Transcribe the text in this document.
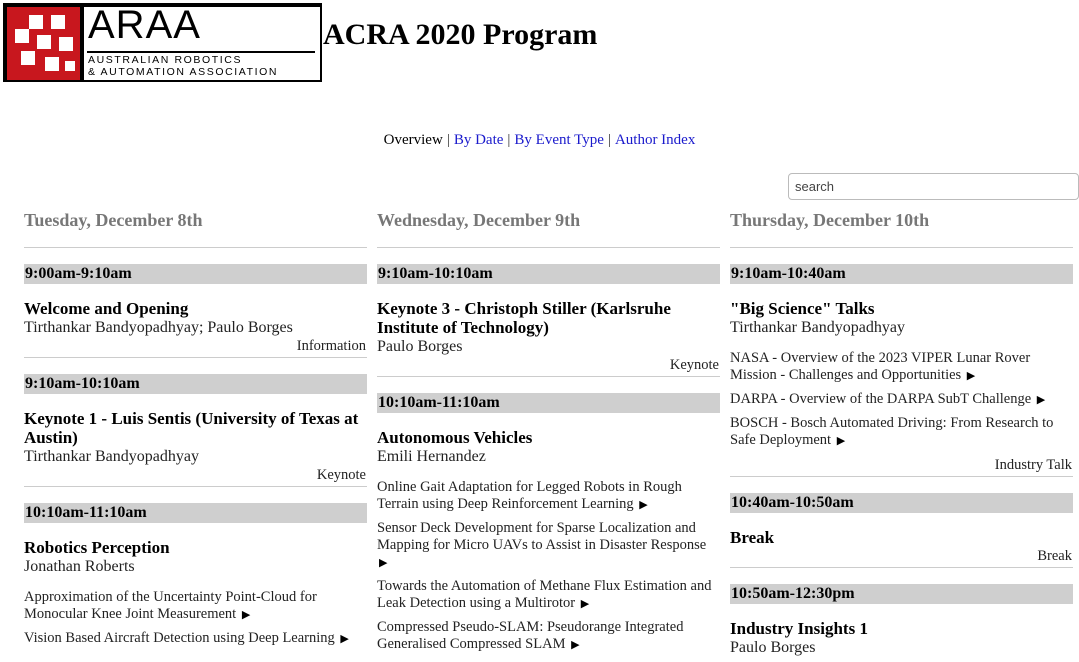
ARAA
AUSTRALIAN ROBOTICS
& AUTOMATION ASSOCIATION
ACRA 2020 Program
Overview | By Date | By Event Type | Author Index
search
Tuesday, December 8th
9:00am-9:10am
Welcome and Opening
Tirthankar Bandyopadhyay; Paulo Borges
Information
9:10am-10:10am
Keynote 1 - Luis Sentis (University of Texas at Austin)
Tirthankar Bandyopadhyay
Keynote
10:10am-11:10am
Robotics Perception
Jonathan Roberts
Approximation of the Uncertainty Point-Cloud for Monocular Knee Joint Measurement ▶
Vision Based Aircraft Detection using Deep Learning ▶
Wednesday, December 9th
9:10am-10:10am
Keynote 3 - Christoph Stiller (Karlsruhe Institute of Technology)
Paulo Borges
Keynote
10:10am-11:10am
Autonomous Vehicles
Emili Hernandez
Online Gait Adaptation for Legged Robots in Rough Terrain using Deep Reinforcement Learning ▶
Sensor Deck Development for Sparse Localization and Mapping for Micro UAVs to Assist in Disaster Response ▶
Towards the Automation of Methane Flux Estimation and Leak Detection using a Multirotor ▶
Compressed Pseudo-SLAM: Pseudorange Integrated Generalised Compressed SLAM ▶
Thursday, December 10th
9:10am-10:40am
"Big Science" Talks
Tirthankar Bandyopadhyay
NASA - Overview of the 2023 VIPER Lunar Rover Mission - Challenges and Opportunities ▶
DARPA - Overview of the DARPA SubT Challenge ▶
BOSCH - Bosch Automated Driving: From Research to Safe Deployment ▶
Industry Talk
10:40am-10:50am
Break
Break
10:50am-12:30pm
Industry Insights 1
Paulo Borges
